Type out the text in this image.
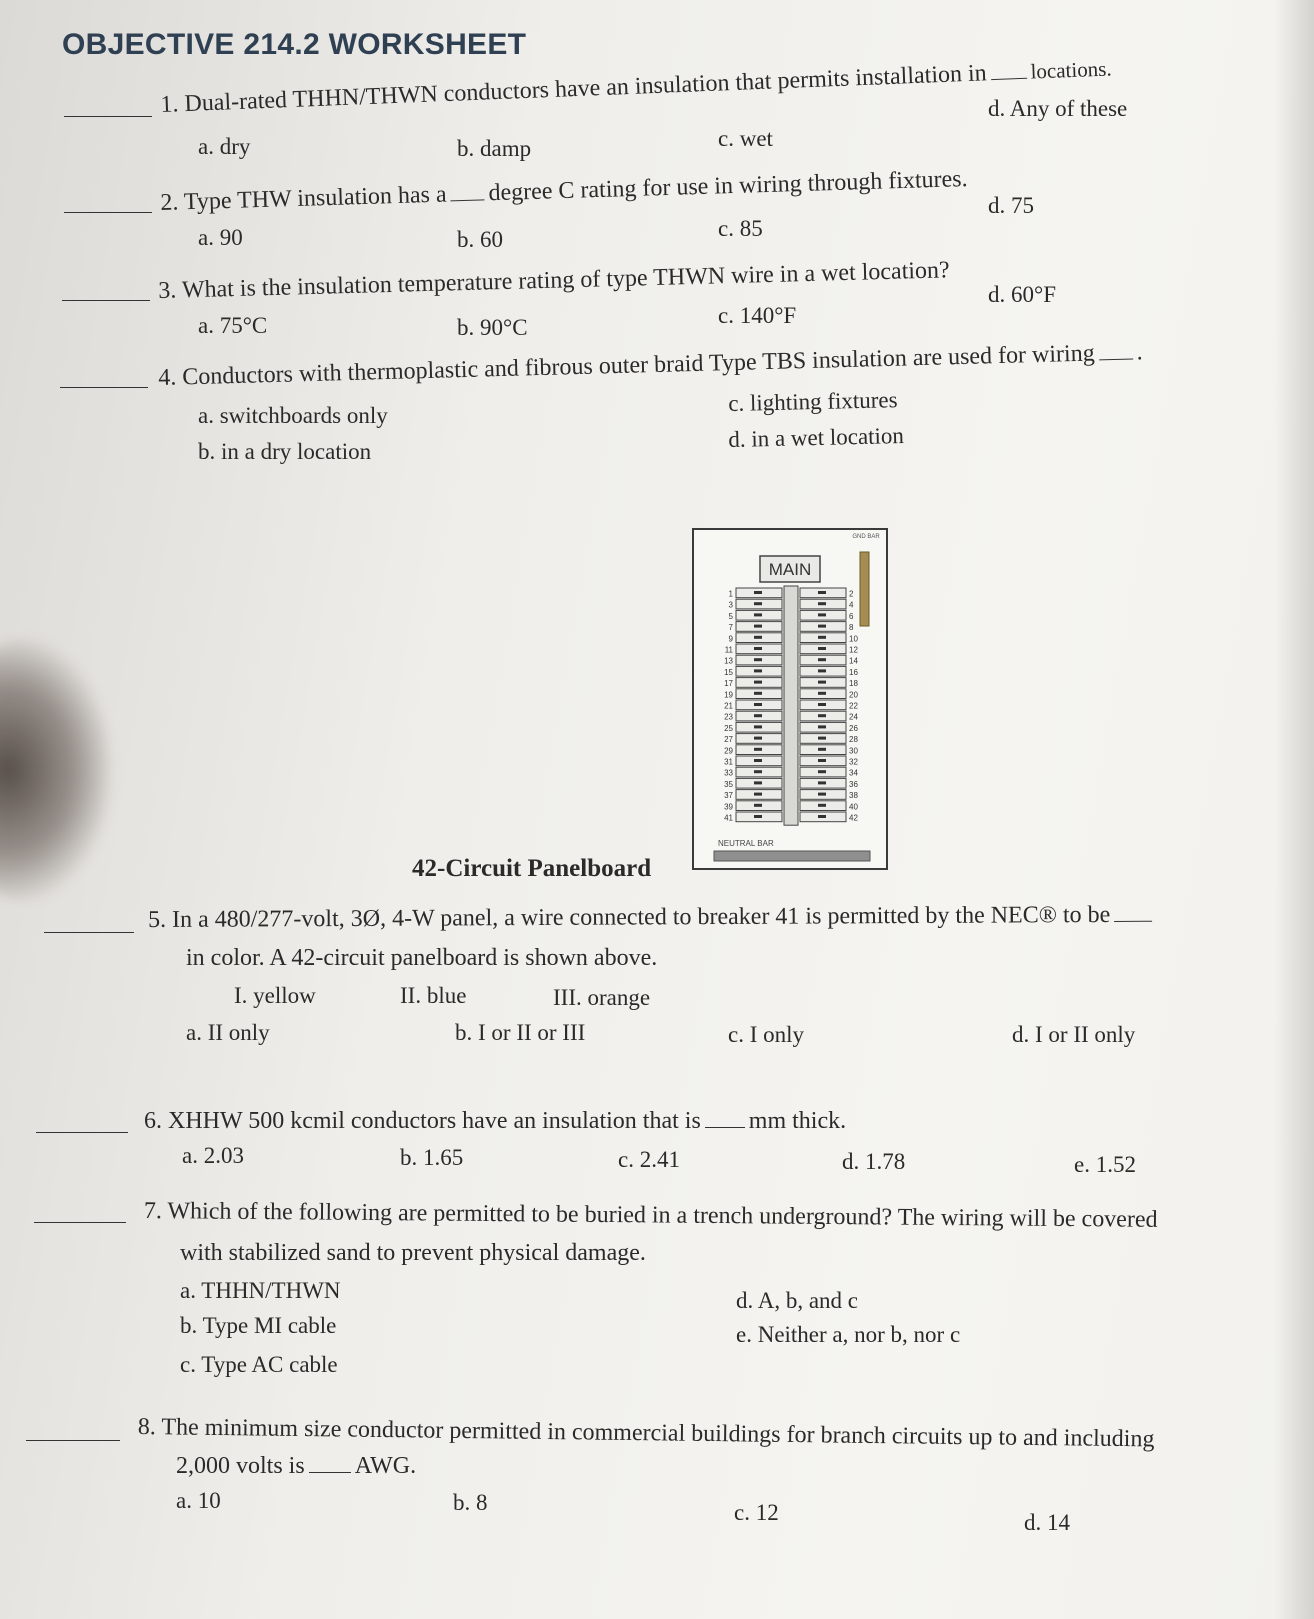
OBJECTIVE 214.2 WORKSHEET
1. Dual-rated THHN/THWN conductors have an insulation that permits installation in locations.
a. dry	b. damp	c. wet
d. Any of these
2. Type THW insulation has a degree C rating for use in wiring through fixtures.
a. 90	b. 60	c. 85
d. 75
3. What is the insulation temperature rating of type THWN wire in a wet location?
a. 75°C	b. 90°C	c. 140°F
d. 60°F
4. Conductors with thermoplastic and fibrous outer braid Type TBS insulation are used for wiring .
a. switchboards only
b. in a dry location
c. lighting fixtures
d. in a wet location
MAIN
GND BAR
1	2
3	4
5	6
7	8
9	10
11	12
13	14
15	16
17	18
19	20
21	22
23	24
25	26
27	28
29	30
31	32
33	34
35	36
37	38
39	40
41	42
NEUTRAL BAR
42-Circuit Panelboard
5. In a 480/277-volt, 3Ø, 4-W panel, a wire connected to breaker 41 is permitted by the NEC® to be
in color. A 42-circuit panelboard is shown above.
I. yellow	II. blue	III. orange
a. II only	b. I or II or III	c. I only	d. I or II only
6. XHHW 500 kcmil conductors have an insulation that is mm thick.
a. 2.03	b. 1.65	c. 2.41	d. 1.78	e. 1.52
7. Which of the following are permitted to be buried in a trench underground? The wiring will be covered
with stabilized sand to prevent physical damage.
a. THHN/THWN
b. Type MI cable
c. Type AC cable
d. A, b, and c
e. Neither a, nor b, nor c
8. The minimum size conductor permitted in commercial buildings for branch circuits up to and including
2,000 volts is AWG.
a. 10	b. 8	c. 12	d. 14
